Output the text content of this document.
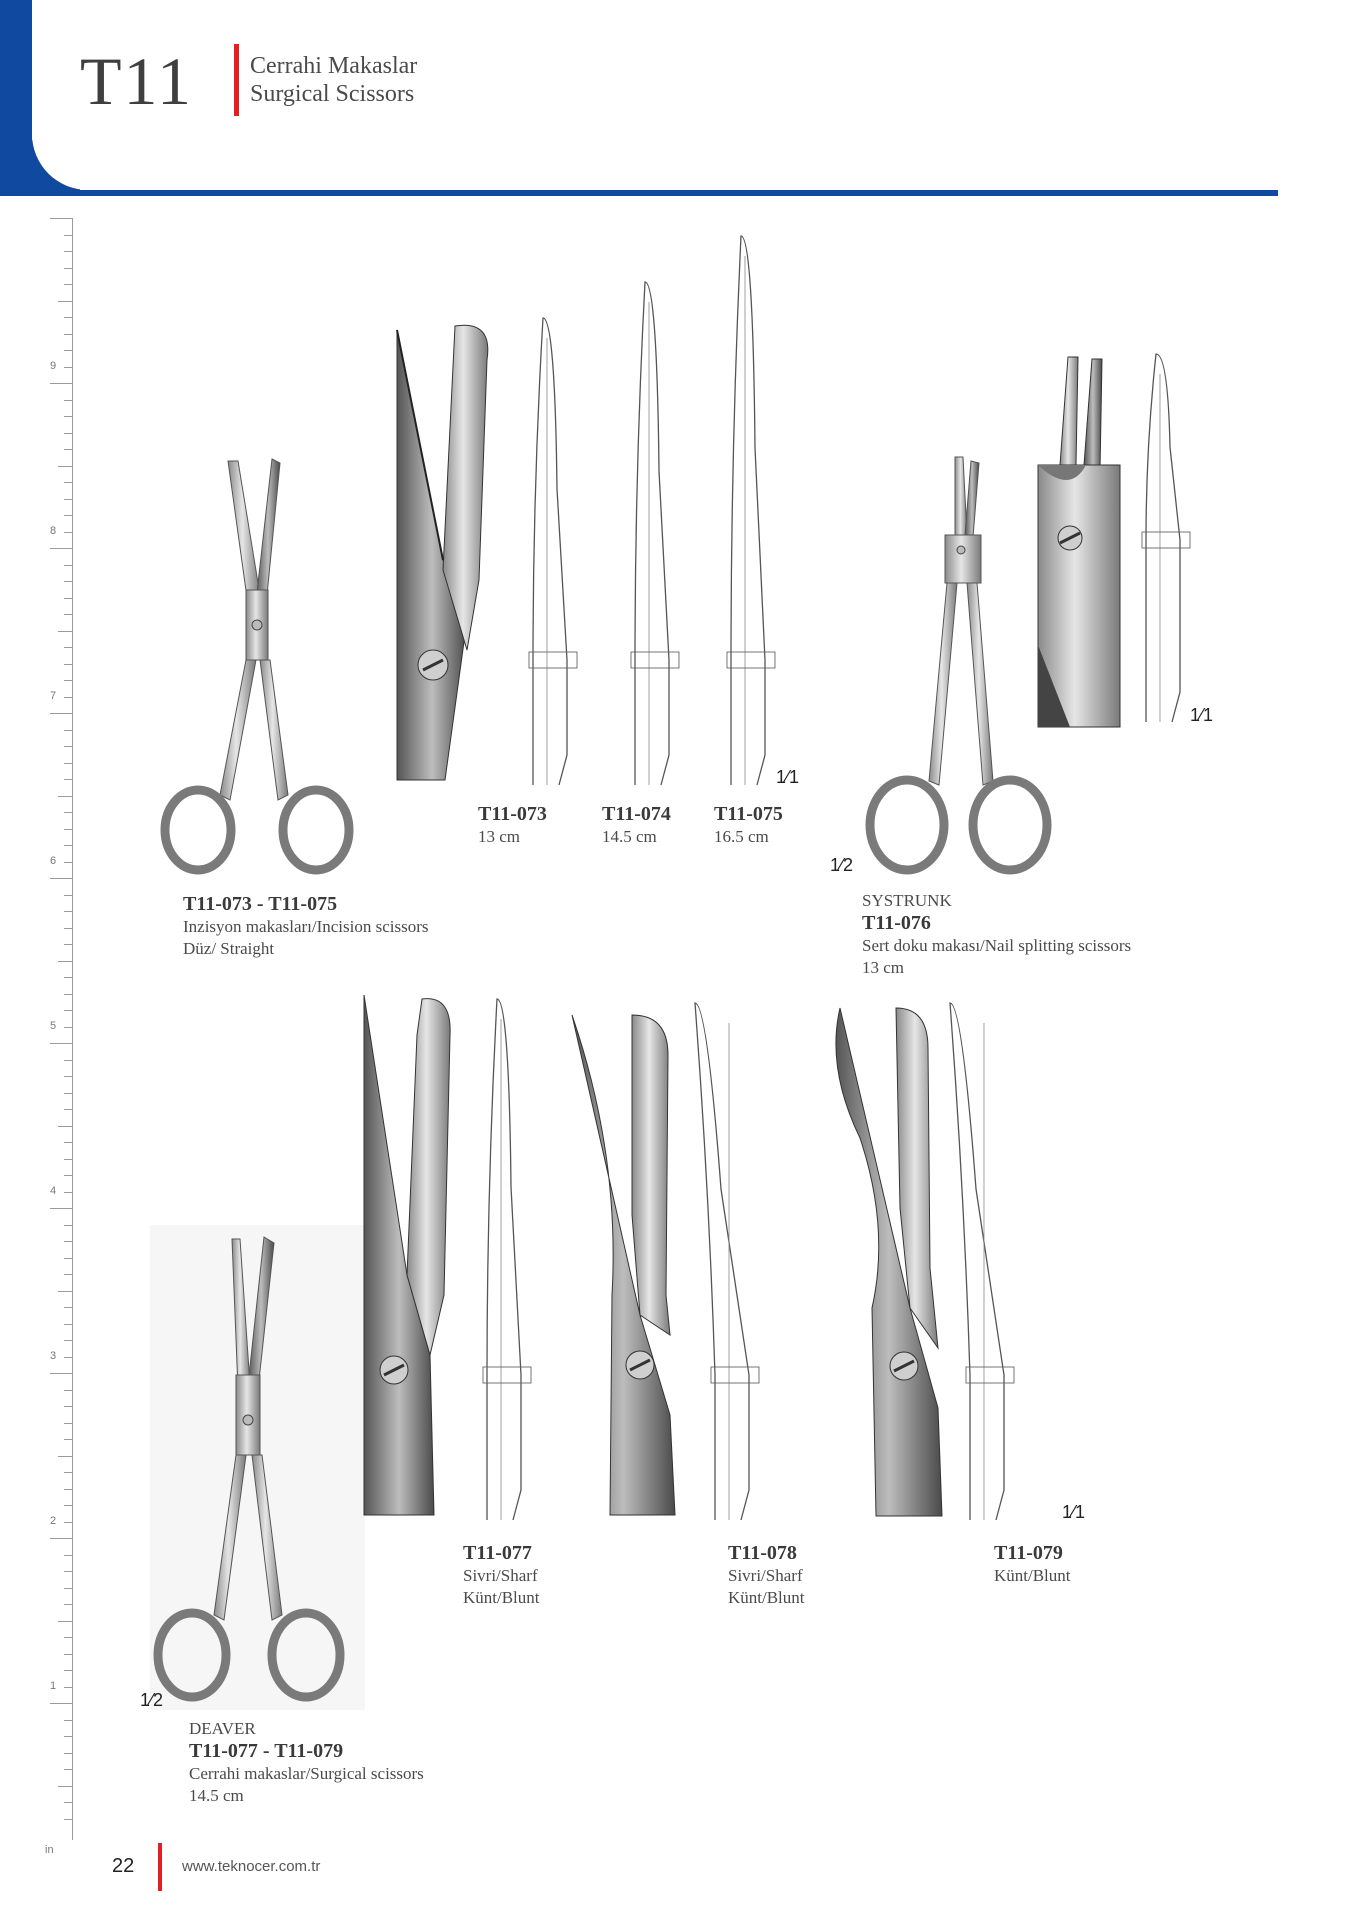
T11 Cerrahi Makaslar
Surgical Scissors
9
8
7
6
5
4
3
2
1
in
1⁄1
T11-073
13 cm
T11-074
14.5 cm
T11-075
16.5 cm
T11-073 - T11-075
Inzisyon makasları/Incision scissors
Düz/ Straight
1⁄2
1⁄1
SYSTRUNK
T11-076
Sert doku makası/Nail splitting scissors
13 cm
1⁄2
1⁄1
T11-077
Sivri/Sharf
Künt/Blunt
T11-078
Sivri/Sharf
Künt/Blunt
T11-079
Künt/Blunt
DEAVER
T11-077 - T11-079
Cerrahi makaslar/Surgical scissors
14.5 cm
22	www.teknocer.com.tr
